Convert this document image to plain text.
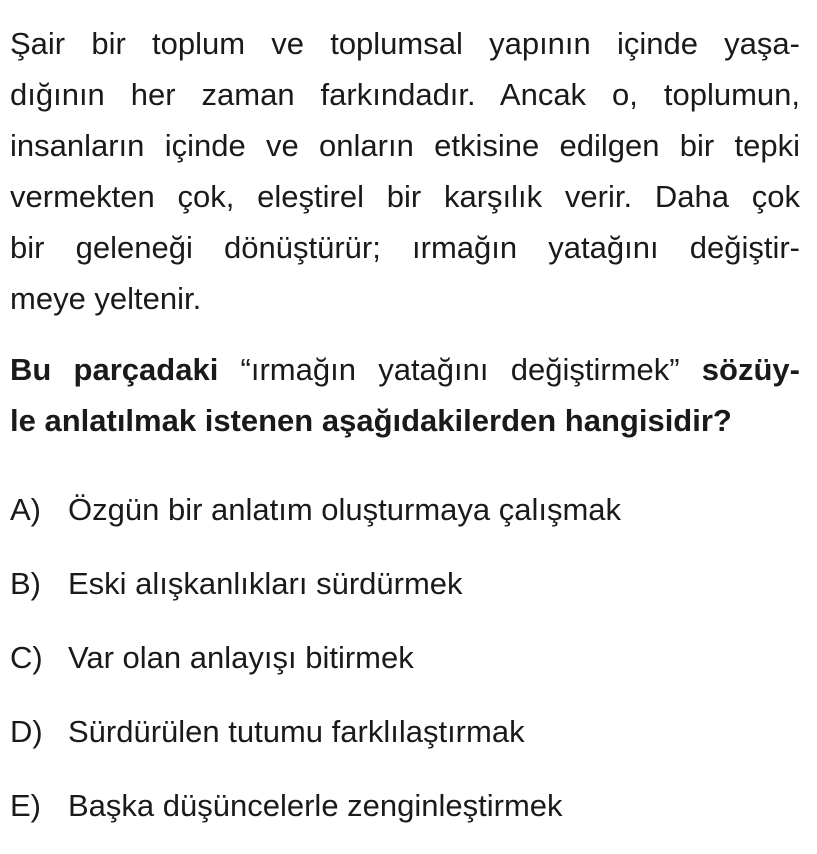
Şair bir toplum ve toplumsal yapının içinde yaşa-
dığının her zaman farkındadır. Ancak o, toplumun,
insanların içinde ve onların etkisine edilgen bir tepki
vermekten çok, eleştirel bir karşılık verir. Daha çok
bir geleneği dönüştürür; ırmağın yatağını değiştir-
meye yeltenir.
Bu parçadaki “ırmağın yatağını değiştirmek” sözüy-
le anlatılmak istenen aşağıdakilerden hangisidir?
A) Özgün bir anlatım oluşturmaya çalışmak
B) Eski alışkanlıkları sürdürmek
C) Var olan anlayışı bitirmek
D) Sürdürülen tutumu farklılaştırmak
E) Başka düşüncelerle zenginleştirmek
